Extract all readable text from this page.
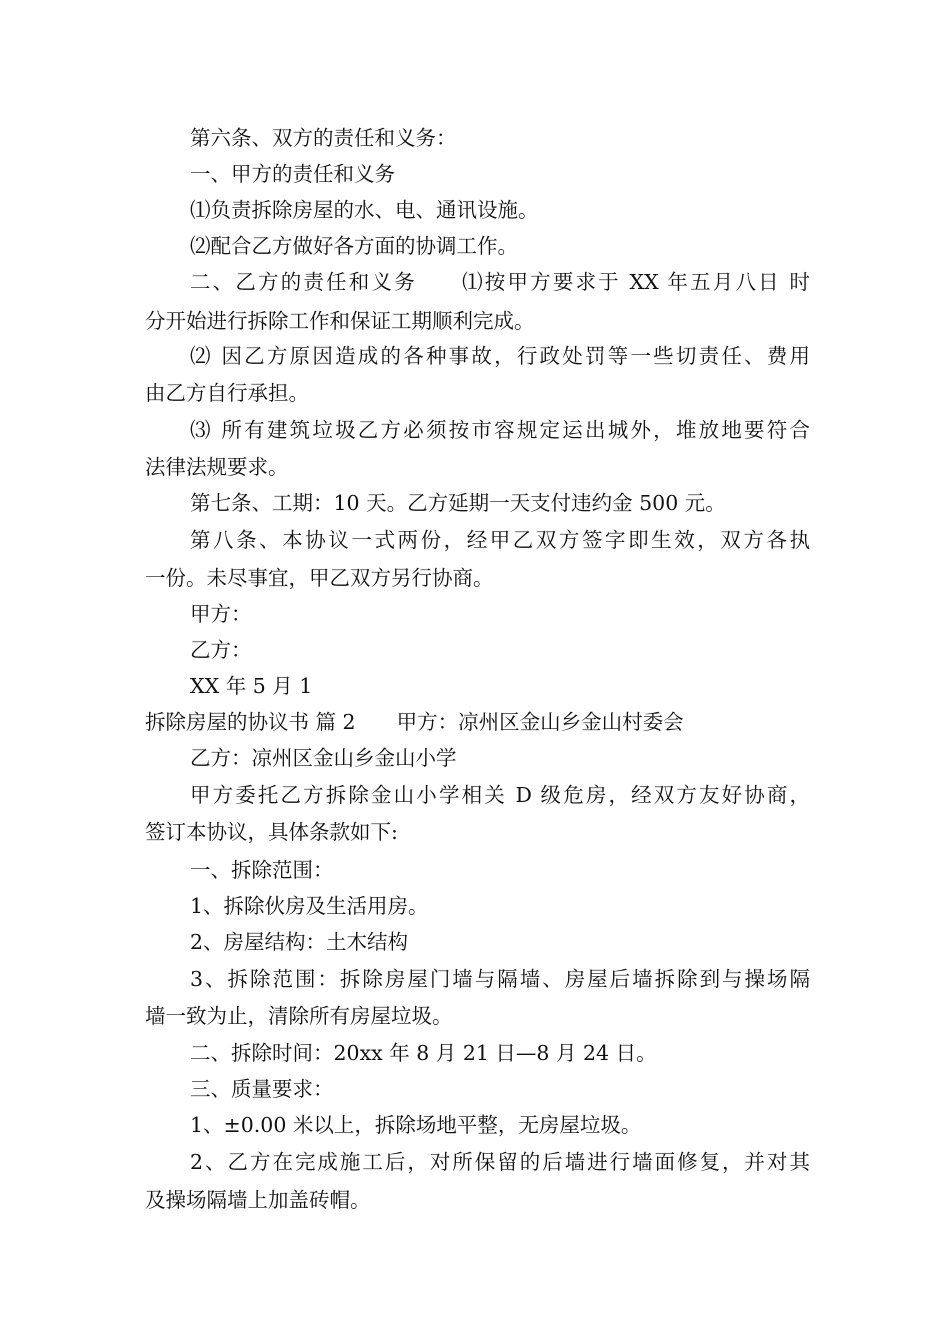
第六条、双方的责任和义务：
一、甲方的责任和义务
⑴负责拆除房屋的水、电、通讯设施。
⑵配合乙方做好各方面的协调工作。
二、乙方的责任和义务　　⑴按甲方要求于 XX 年五月八日 时
分开始进行拆除工作和保证工期顺利完成。
⑵ 因乙方原因造成的各种事故，行政处罚等一些切责任、费用
由乙方自行承担。
⑶ 所有建筑垃圾乙方必须按市容规定运出城外，堆放地要符合
法律法规要求。
第七条、工期：10 天。乙方延期一天支付违约金 500 元。
第八条、本协议一式两份，经甲乙双方签字即生效，双方各执
一份。未尽事宜，甲乙双方另行协商。
甲方：
乙方：
XX 年 5 月 1
拆除房屋的协议书 篇 2　　甲方：凉州区金山乡金山村委会
乙方：凉州区金山乡金山小学
甲方委托乙方拆除金山小学相关 D 级危房，经双方友好协商，
签订本协议，具体条款如下:
一、拆除范围：
1、拆除伙房及生活用房。
2、房屋结构：土木结构
3、拆除范围：拆除房屋门墙与隔墙、房屋后墙拆除到与操场隔
墙一致为止，清除所有房屋垃圾。
二、拆除时间：20xx 年 8 月 21 日—8 月 24 日。
三、质量要求：
1、±0.00 米以上，拆除场地平整，无房屋垃圾。
2、乙方在完成施工后，对所保留的后墙进行墙面修复，并对其
及操场隔墙上加盖砖帽。
